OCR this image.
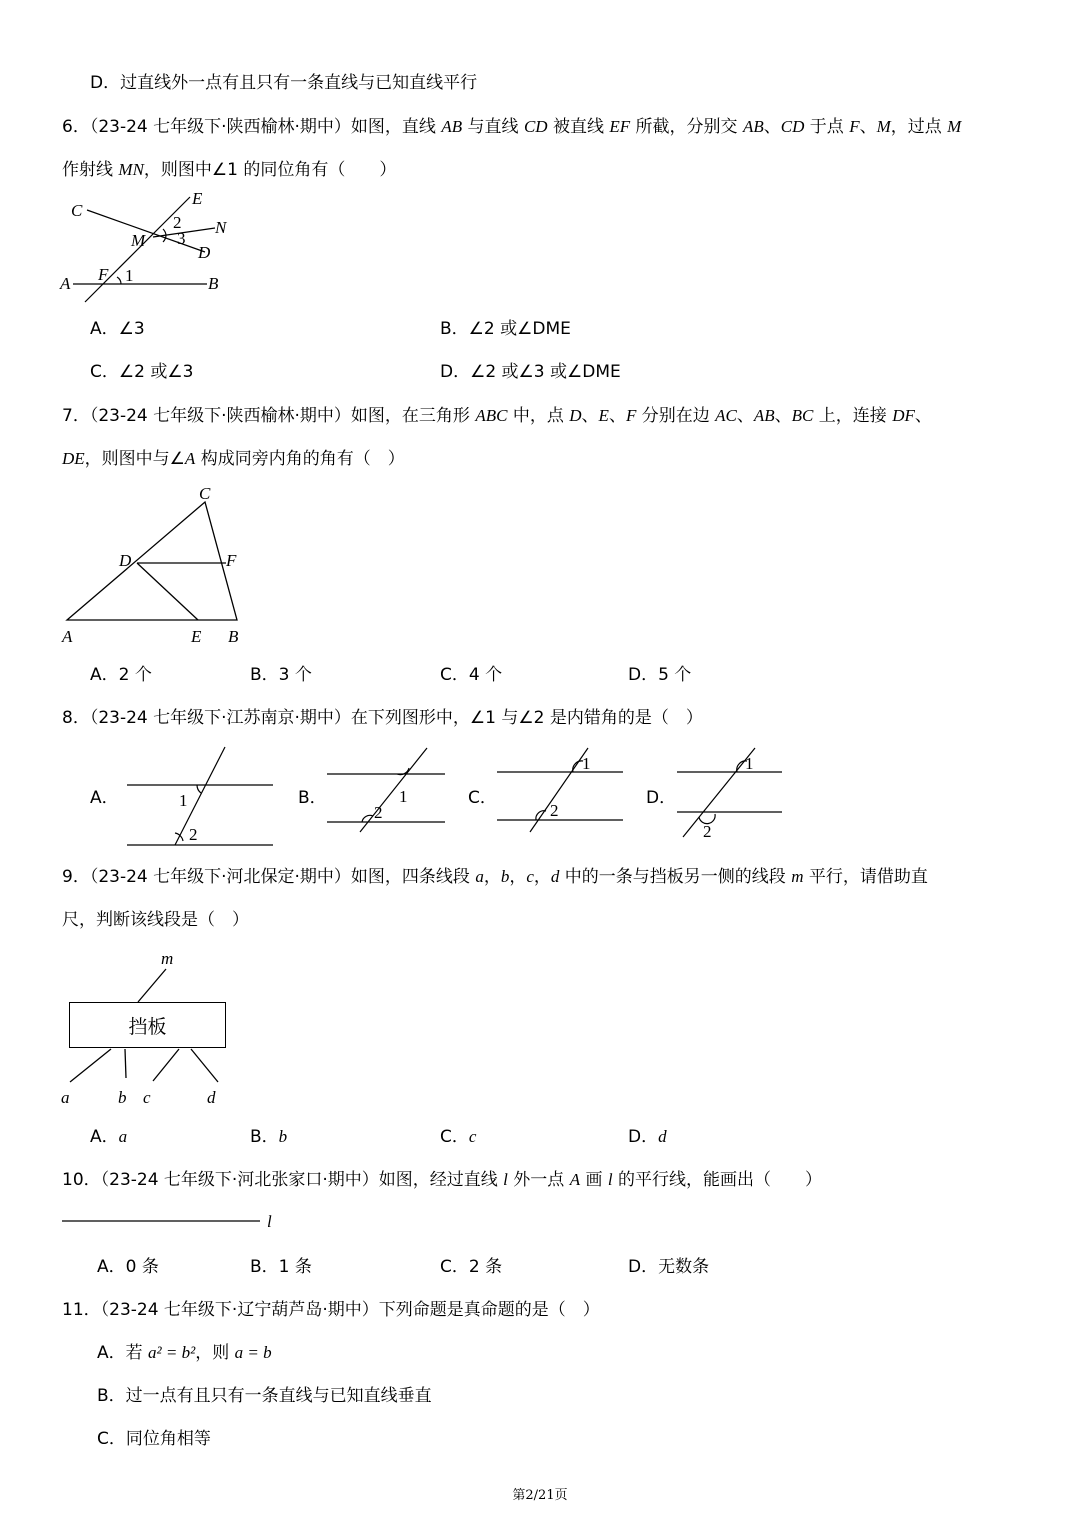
D．过直线外一点有且只有一条直线与已知直线平行
6．（23-24 七年级下·陕西榆林·期中）如图，直线 AB 与直线 CD 被直线 EF 所截，分别交 AB、CD 于点 F、M，过点 M
作射线 MN，则图中∠1 的同位角有（　　）
C
E
N
M
D
A F	B
1
2
3
A．∠3	B．∠2 或∠DME
C．∠2 或∠3	D．∠2 或∠3 或∠DME
7．（23-24 七年级下·陕西榆林·期中）如图，在三角形 ABC 中，点 D、E、F 分别在边 AC、AB、BC 上，连接 DF、
DE，则图中与∠A 构成同旁内角的角有（　）
C
D	F
A	E B
A．2 个	B．3 个	C．4 个	D．5 个
8．（23-24 七年级下·江苏南京·期中）在下列图形中，∠1 与∠2 是内错角的是（　）
A．	1
2
B．	1
2
C．
1
2
D．
1
2
9．（23-24 七年级下·河北保定·期中）如图，四条线段 a，b，c，d 中的一条与挡板另一侧的线段 m 平行，请借助直
尺，判断该线段是（　）
m
a	b c	d
挡板
A．a	B．b	C．c	D．d
10．（23-24 七年级下·河北张家口·期中）如图，经过直线 l 外一点 A 画 l 的平行线，能画出（　　）
l
A．0 条	B．1 条	C．2 条	D．无数条
11．（23-24 七年级下·辽宁葫芦岛·期中）下列命题是真命题的是（　）
A．若 a² = b²，则 a = b
B．过一点有且只有一条直线与已知直线垂直
C．同位角相等
第2/21页
